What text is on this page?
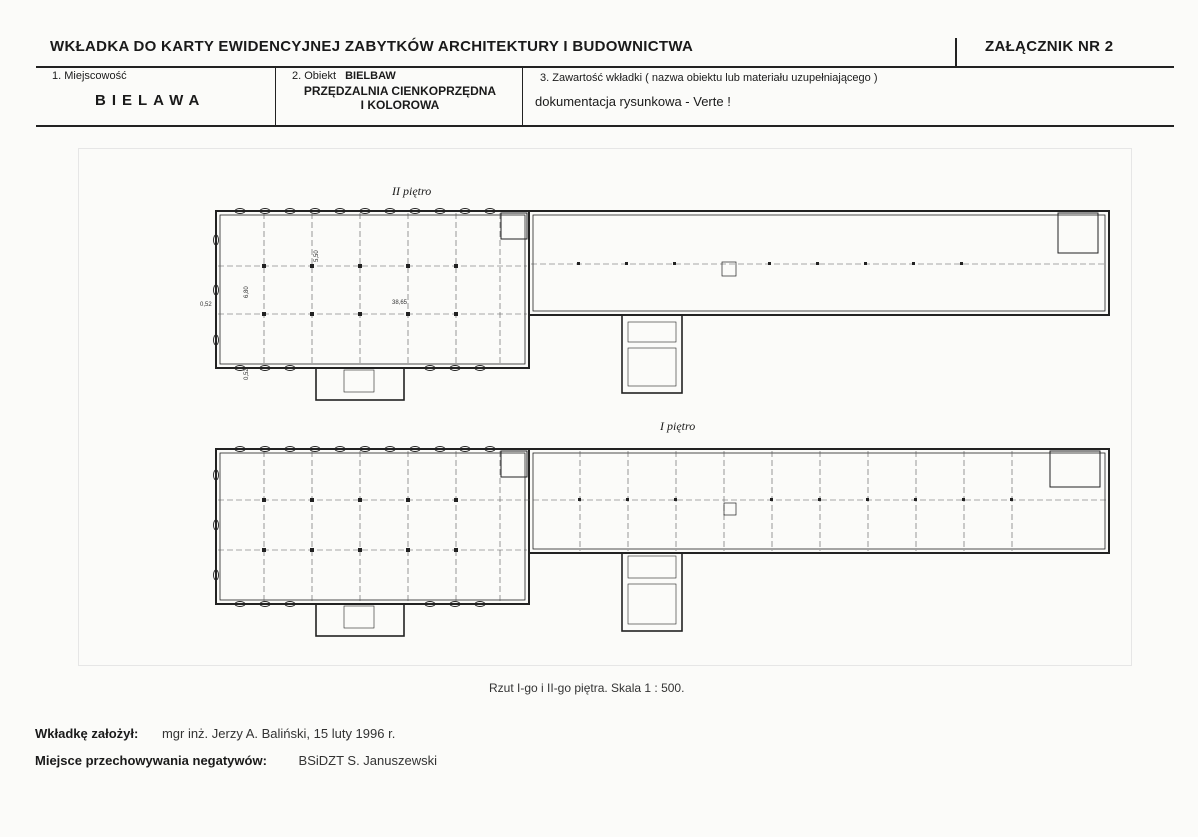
WKŁADKA DO KARTY EWIDENCYJNEJ ZABYTKÓW ARCHITEKTURY I BUDOWNICTWA	ZAŁĄCZNIK NR 2
1. Miejscowość
BIELAWA
2. Obiekt BIELBAW
PRZĘDZALNIA CIENKOPRZĘDNA
I KOLOROWA
3. Zawartość wkładki ( nazwa obiektu lub materiału uzupełniającego )
dokumentacja rysunkowa - Verte !
0,52
6,80
5,50
38,65
0,52
II piętro
I piętro
Rzut I-go i II-go piętra. Skala 1 : 500.
Wkładkę założył: mgr inż. Jerzy A. Baliński, 15 luty 1996 r.
Miejsce przechowywania negatywów: BSiDZT S. Januszewski
